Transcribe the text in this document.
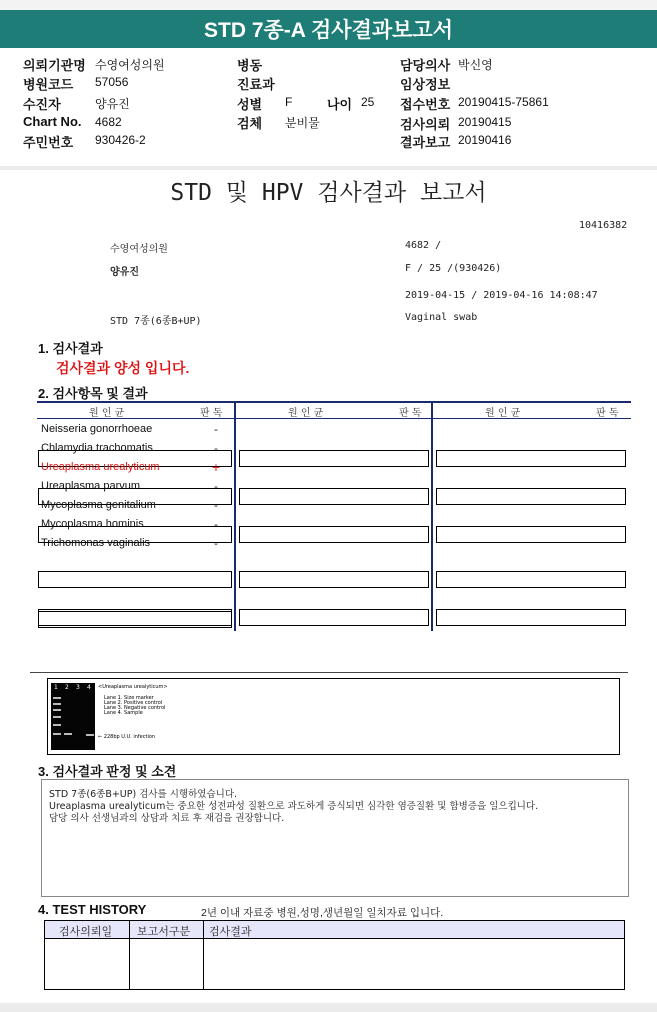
STD 7종-A 검사결과보고서
의뢰기관명 수영여성의원	병동	담당의사 박신영
병원코드 57056	진료과	임상정보
수진자	양유진	성별 F	나이 25 접수번호 20190415-75861
Chart No. 4682	검체 분비물	검사의뢰 20190415
주민번호 930426-2	결과보고 20190416
STD 및 HPV 검사결과 보고서
10416382
수영여성의원	4682 /
양유진	F / 25 /(930426)
2019-04-15 / 2019-04-16 14:08:47
STD 7종(6종B+UP)	Vaginal swab
1. 검사결과
검사결과 양성 입니다.
2. 검사항목 및 결과
원 인 균	판 독	원 인 균	판 독	원 인 균	판 독
Neisseria gonorrhoeae	-
Chlamydia trachomatis	-
Ureaplasma urealyticum	+
Ureaplasma parvum	-
Mycoplasma genitalium	-
Mycoplasma hominis	-
Trichomonas vaginalis	-
1 2 3 4 <Ureaplasma urealyticum>
Lane 1. Size marker
Lane 2. Positive control
Lane 3. Negative control
Lane 4. Sample
← 228bp U.U. infection
3. 검사결과 판정 및 소견
STD 7종(6종B+UP) 검사를 시행하였습니다.
Ureaplasma urealyticum는 중요한 성전파성 질환으로 과도하게 증식되면 심각한 염증질환 및 합병증을 일으킵니다.
담당 의사 선생님과의 상담과 치료 후 재검을 권장합니다.
4. TEST HISTORY	2년 이내 자료중 병원,성명,생년월일 일치자료 입니다.
검사의뢰일 보고서구분 검사결과
